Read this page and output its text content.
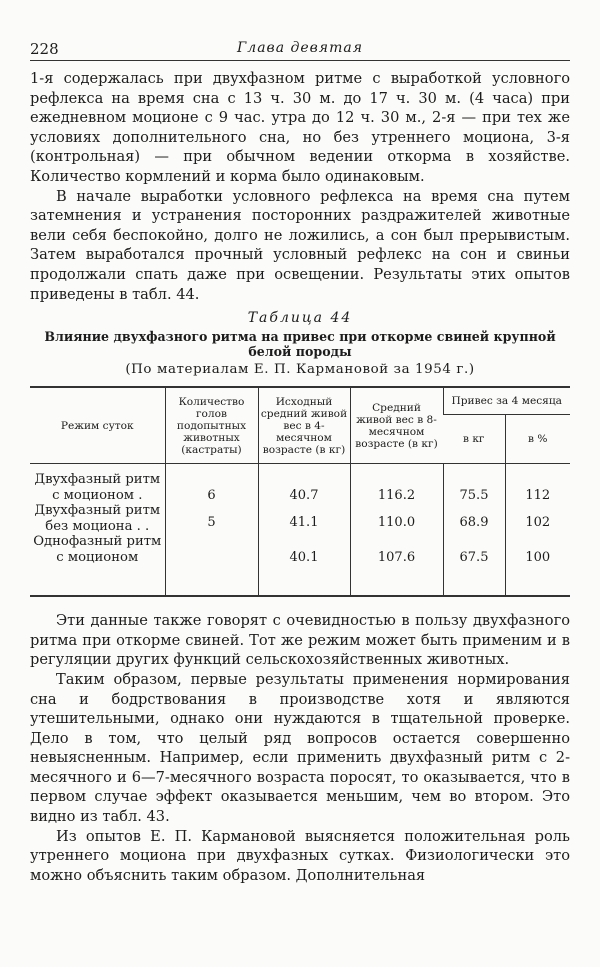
228	Глава девятая

1-я содержалась при двухфазном ритме с выработкой условного рефлекса на время сна с 13 ч. 30 м. до 17 ч. 30 м. (4 часа) при ежедневном моционе с 9 час. утра до 12 ч. 30 м., 2-я — при тех же условиях дополнительного сна, но без утреннего моциона, 3-я (контрольная) — при обычном ведении откорма в хозяйстве. Количество кормлений и корма было одинаковым.

В начале выработки условного рефлекса на время сна путем затемнения и устранения посторонних раздражителей животные вели себя беспокойно, долго не ложились, а сон был прерывистым. Затем выработался прочный условный рефлекс на сон и свиньи продолжали спать даже при освещении. Результаты этих опытов приведены в табл. 44.

Таблица 44
Влияние двухфазного ритма на привес при откорме свиней крупной белой породы
(По материалам Е. П. Кармановой за 1954 г.)
Режим суток	Количество голов подопытных животных (кастраты)	Исходный средний живой вес в 4-месячном возрасте (в кг)	Средний живой вес в 8-месячном возрасте (в кг)	Привес за 4 месяца	
				в кг	в %

Двухфазный ритм
с моционом .	6	40.7	116.2	75.5	112

Двухфазный ритм
без моциона . .	5	41.1	110.0	68.9	102

Однофазный ритм
с моционом		40.1	107.6	67.5	100

Эти данные также говорят с очевидностью в пользу двухфазного ритма при откорме свиней. Тот же режим может быть применим и в регуляции других функций сельскохозяйственных животных.

Таким образом, первые результаты применения нормирования сна и бодрствования в производстве хотя и являются утешительными, однако они нуждаются в тщательной проверке. Дело в том, что целый ряд вопросов остается совершенно невыясненным. Например, если применить двухфазный ритм с 2-месячного и 6—7-месячного возраста поросят, то оказывается, что в первом случае эффект оказывается меньшим, чем во втором. Это видно из табл. 43.

Из опытов Е. П. Кармановой выясняется положительная роль утреннего моциона при двухфазных сутках. Физиологически это можно объяснить таким образом. Дополнительная
